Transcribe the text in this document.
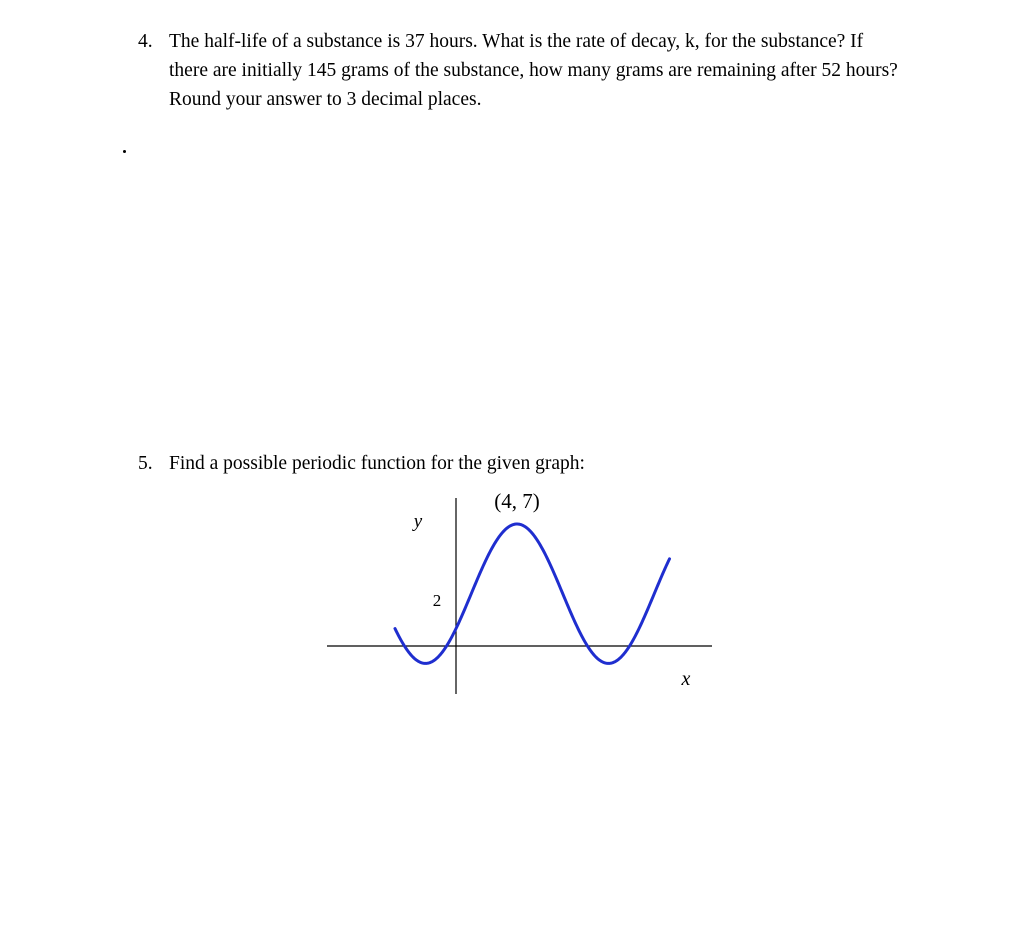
4. The half-life of a substance is 37 hours. What is the rate of decay, k, for the substance? If
there are initially 145 grams of the substance, how many grams are remaining after 52 hours?
Round your answer to 3 decimal places.
5. Find a possible periodic function for the given graph:
(4, 7)
y
2
x
